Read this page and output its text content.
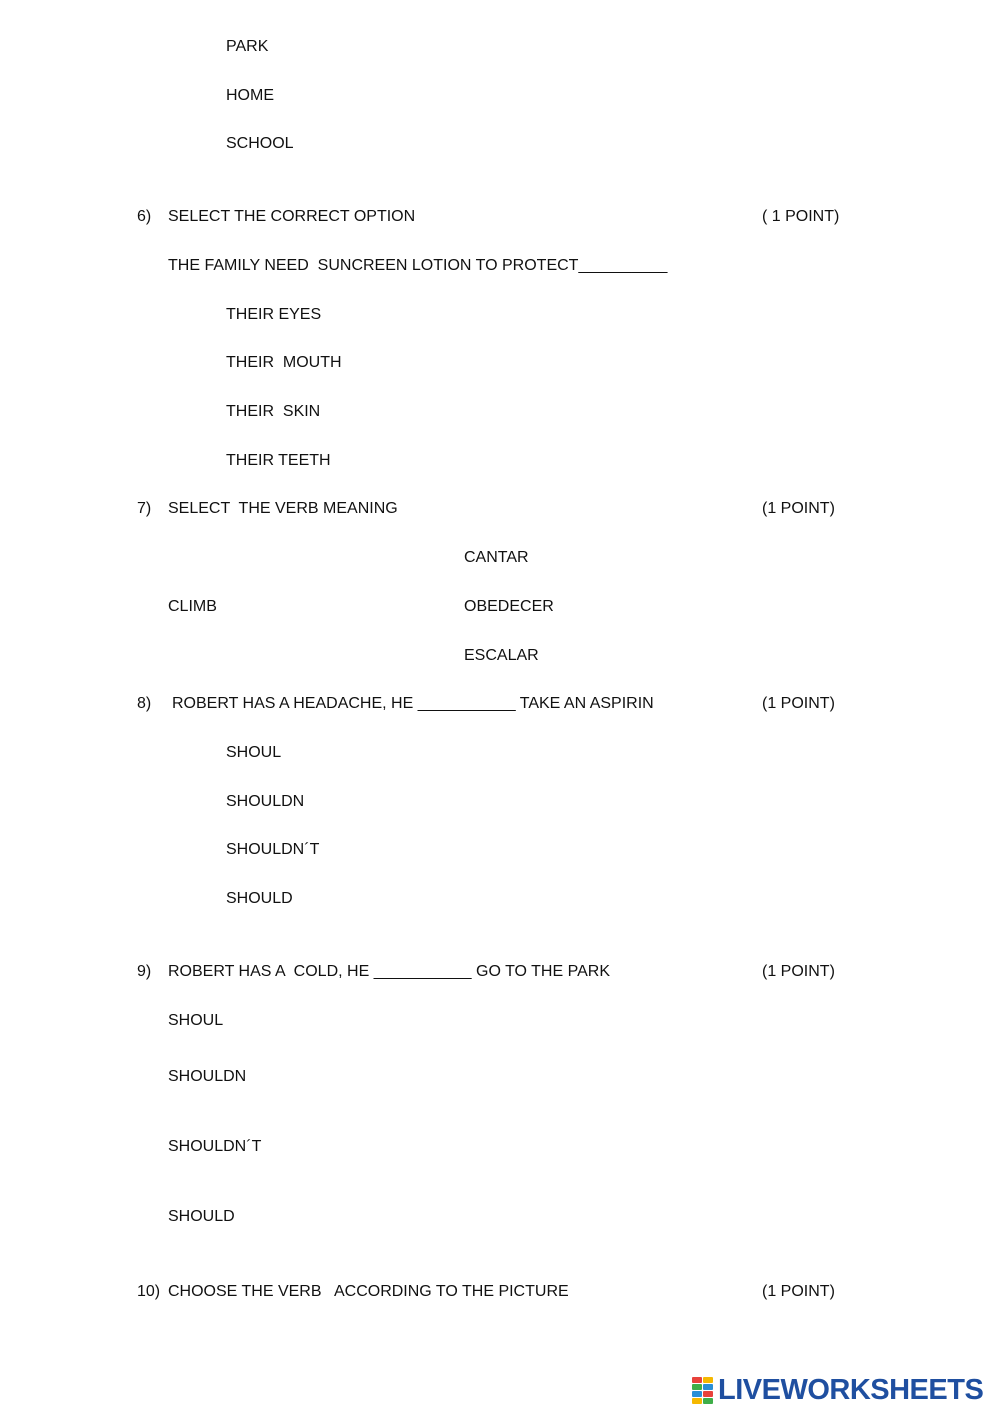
PARK
HOME
SCHOOL
6) SELECT THE CORRECT OPTION	( 1 POINT)
THE FAMILY NEED  SUNCREEN LOTION TO PROTECT__________
THEIR EYES
THEIR  MOUTH
THEIR  SKIN
THEIR TEETH
7) SELECT  THE VERB MEANING	(1 POINT)
CANTAR
CLIMB	OBEDECER
ESCALAR
8) ROBERT HAS A HEADACHE, HE ___________ TAKE AN ASPIRIN	(1 POINT)
SHOUL
SHOULDN
SHOULDN´T
SHOULD
9) ROBERT HAS A  COLD, HE ___________ GO TO THE PARK	(1 POINT)
SHOUL
SHOULDN
SHOULDN´T
SHOULD
10) CHOOSE THE VERB   ACCORDING TO THE PICTURE	(1 POINT)
LIVEWORKSHEETS
